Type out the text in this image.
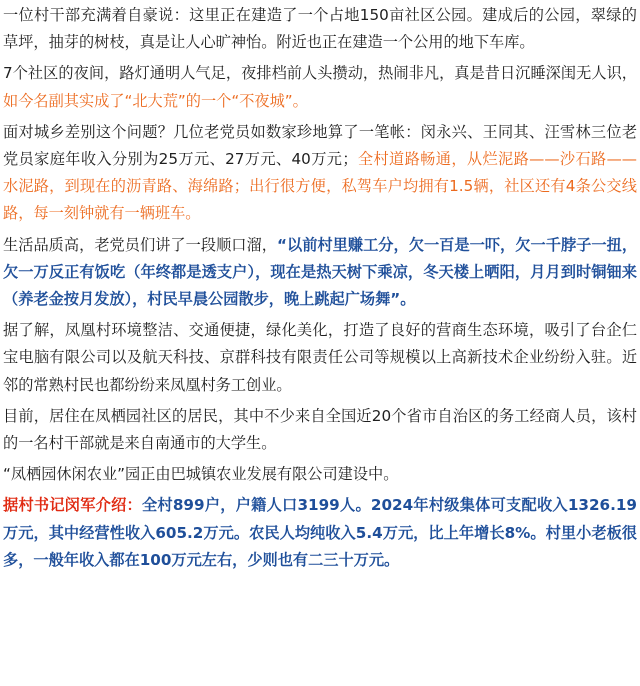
一位村干部充满着自豪说：这里正在建造了一个占地150亩社区公园。建成后的公园，翠绿的草坪，抽芽的树枝，真是让人心旷神怡。附近也正在建造一个公用的地下车库。

7个社区的夜间，路灯通明人气足，夜排档前人头攒动，热闹非凡，真是昔日沉睡深闺无人识，如今名副其实成了“北大荒”的一个“不夜城”。

面对城乡差别这个问题？几位老党员如数家珍地算了一笔帐：闵永兴、王同其、汪雪林三位老党员家庭年收入分别为25万元、27万元、40万元；全村道路畅通，从烂泥路——沙石路——水泥路，到现在的沥青路、海绵路；出行很方便，私驾车户均拥有1.5辆，社区还有4条公交线路，每一刻钟就有一辆班车。

生活品质高，老党员们讲了一段顺口溜，“以前村里赚工分，欠一百是一吓，欠一千脖子一扭，欠一万反正有饭吃（年终都是透支户），现在是热天树下乘凉，冬天楼上晒阳，月月到时铜钿来（养老金按月发放），村民早晨公园散步，晚上跳起广场舞”。

据了解，凤凰村环境整洁、交通便捷，绿化美化，打造了良好的营商生态环境，吸引了台企仁宝电脑有限公司以及航天科技、京群科技有限责任公司等规模以上高新技术企业纷纷入驻。近邻的常熟村民也都纷纷来凤凰村务工创业。

目前，居住在凤栖园社区的居民，其中不少来自全国近20个省市自治区的务工经商人员，该村的一名村干部就是来自南通市的大学生。

“凤栖园休闲农业”园正由巴城镇农业发展有限公司建设中。

据村书记闵军介绍：全村899户，户籍人口3199人。2024年村级集体可支配收入1326.19万元，其中经营性收入605.2万元。农民人均纯收入5.4万元，比上年增长8%。村里小老板很多，一般年收入都在100万元左右，少则也有二三十万元。
